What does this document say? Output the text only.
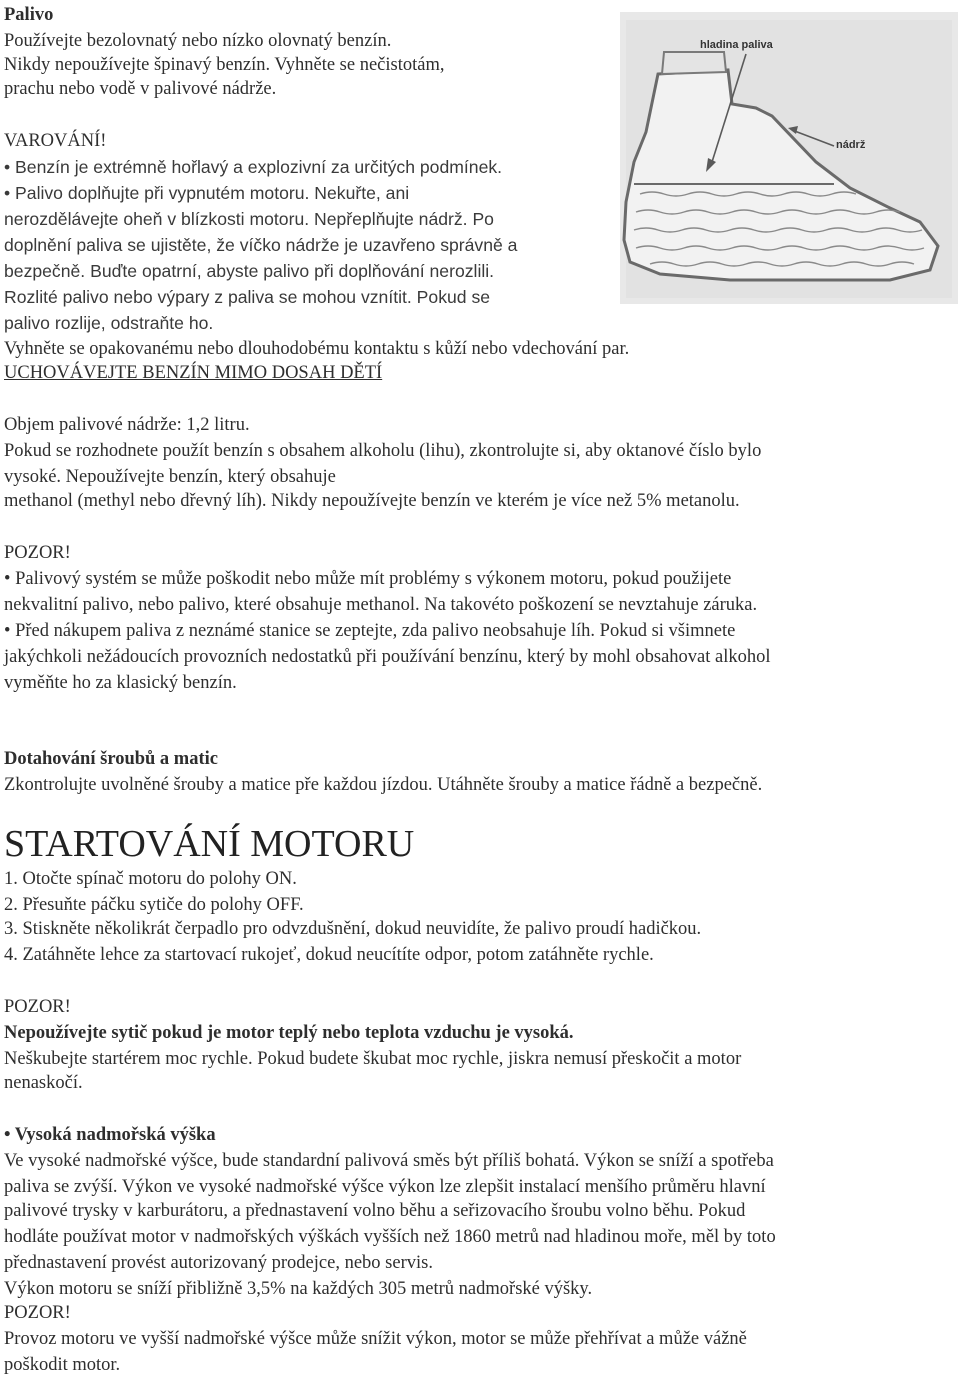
Palivo
Používejte bezolovnatý nebo nízko olovnatý benzín.
Nikdy nepoužívejte špinavý benzín. Vyhněte se nečistotám,
prachu nebo vodě v palivové nádrže.
VAROVÁNÍ!
• Benzín je extrémně hořlavý a explozivní za určitých podmínek.
• Palivo doplňujte při vypnutém motoru. Nekuřte, ani
nerozdělávejte oheň v blízkosti motoru. Nepřeplňujte nádrž. Po
doplnění paliva se ujistěte, že víčko nádrže je uzavřeno správně a
bezpečně. Buďte opatrní, abyste palivo při doplňování nerozlili.
Rozlité palivo nebo výpary z paliva se mohou vznítit. Pokud se
palivo rozlije, odstraňte ho.
Vyhněte se opakovanému nebo dlouhodobému kontaktu s kůží nebo vdechování par.
UCHOVÁVEJTE BENZÍN MIMO DOSAH DĚTÍ
Objem palivové nádrže: 1,2 litru.
Pokud se rozhodnete použít benzín s obsahem alkoholu (lihu), zkontrolujte si, aby oktanové číslo bylo
vysoké. Nepoužívejte benzín, který obsahuje
methanol (methyl nebo dřevný líh). Nikdy nepoužívejte benzín ve kterém je více než 5% metanolu.
POZOR!
• Palivový systém se může poškodit nebo může mít problémy s výkonem motoru, pokud použijete
nekvalitní palivo, nebo palivo, které obsahuje methanol. Na takovéto poškození se nevztahuje záruka.
• Před nákupem paliva z neznámé stanice se zeptejte, zda palivo neobsahuje líh. Pokud si všimnete
jakýchkoli nežádoucích provozních nedostatků při používání benzínu, který by mohl obsahovat alkohol
vyměňte ho za klasický benzín.
hladina paliva
nádrž
Dotahování šroubů a matic
Zkontrolujte uvolněné šrouby a matice pře každou jízdou. Utáhněte šrouby a matice řádně a bezpečně.
STARTOVÁNÍ MOTORU
1. Otočte spínač motoru do polohy ON.
2. Přesuňte páčku sytiče do polohy OFF.
3. Stiskněte několikrát čerpadlo pro odvzdušnění, dokud neuvidíte, že palivo proudí hadičkou.
4. Zatáhněte lehce za startovací rukojeť, dokud neucítíte odpor, potom zatáhněte rychle.
POZOR!
Nepoužívejte sytič pokud je motor teplý nebo teplota vzduchu je vysoká.
Neškubejte startérem moc rychle. Pokud budete škubat moc rychle, jiskra nemusí přeskočit a motor
nenaskočí.
• Vysoká nadmořská výška
Ve vysoké nadmořské výšce, bude standardní palivová směs být příliš bohatá. Výkon se sníží a spotřeba
paliva se zvýší. Výkon ve vysoké nadmořské výšce výkon lze zlepšit instalací menšího průměru hlavní
palivové trysky v karburátoru, a přednastavení volno běhu a seřizovacího šroubu volno běhu. Pokud
hodláte používat motor v nadmořských výškách vyšších než 1860 metrů nad hladinou moře, měl by toto
přednastavení provést autorizovaný prodejce, nebo servis.
Výkon motoru se sníží přibližně 3,5% na každých 305 metrů nadmořské výšky.
POZOR!
Provoz motoru ve vyšší nadmořské výšce může snížit výkon, motor se může přehřívat a může vážně
poškodit motor.
